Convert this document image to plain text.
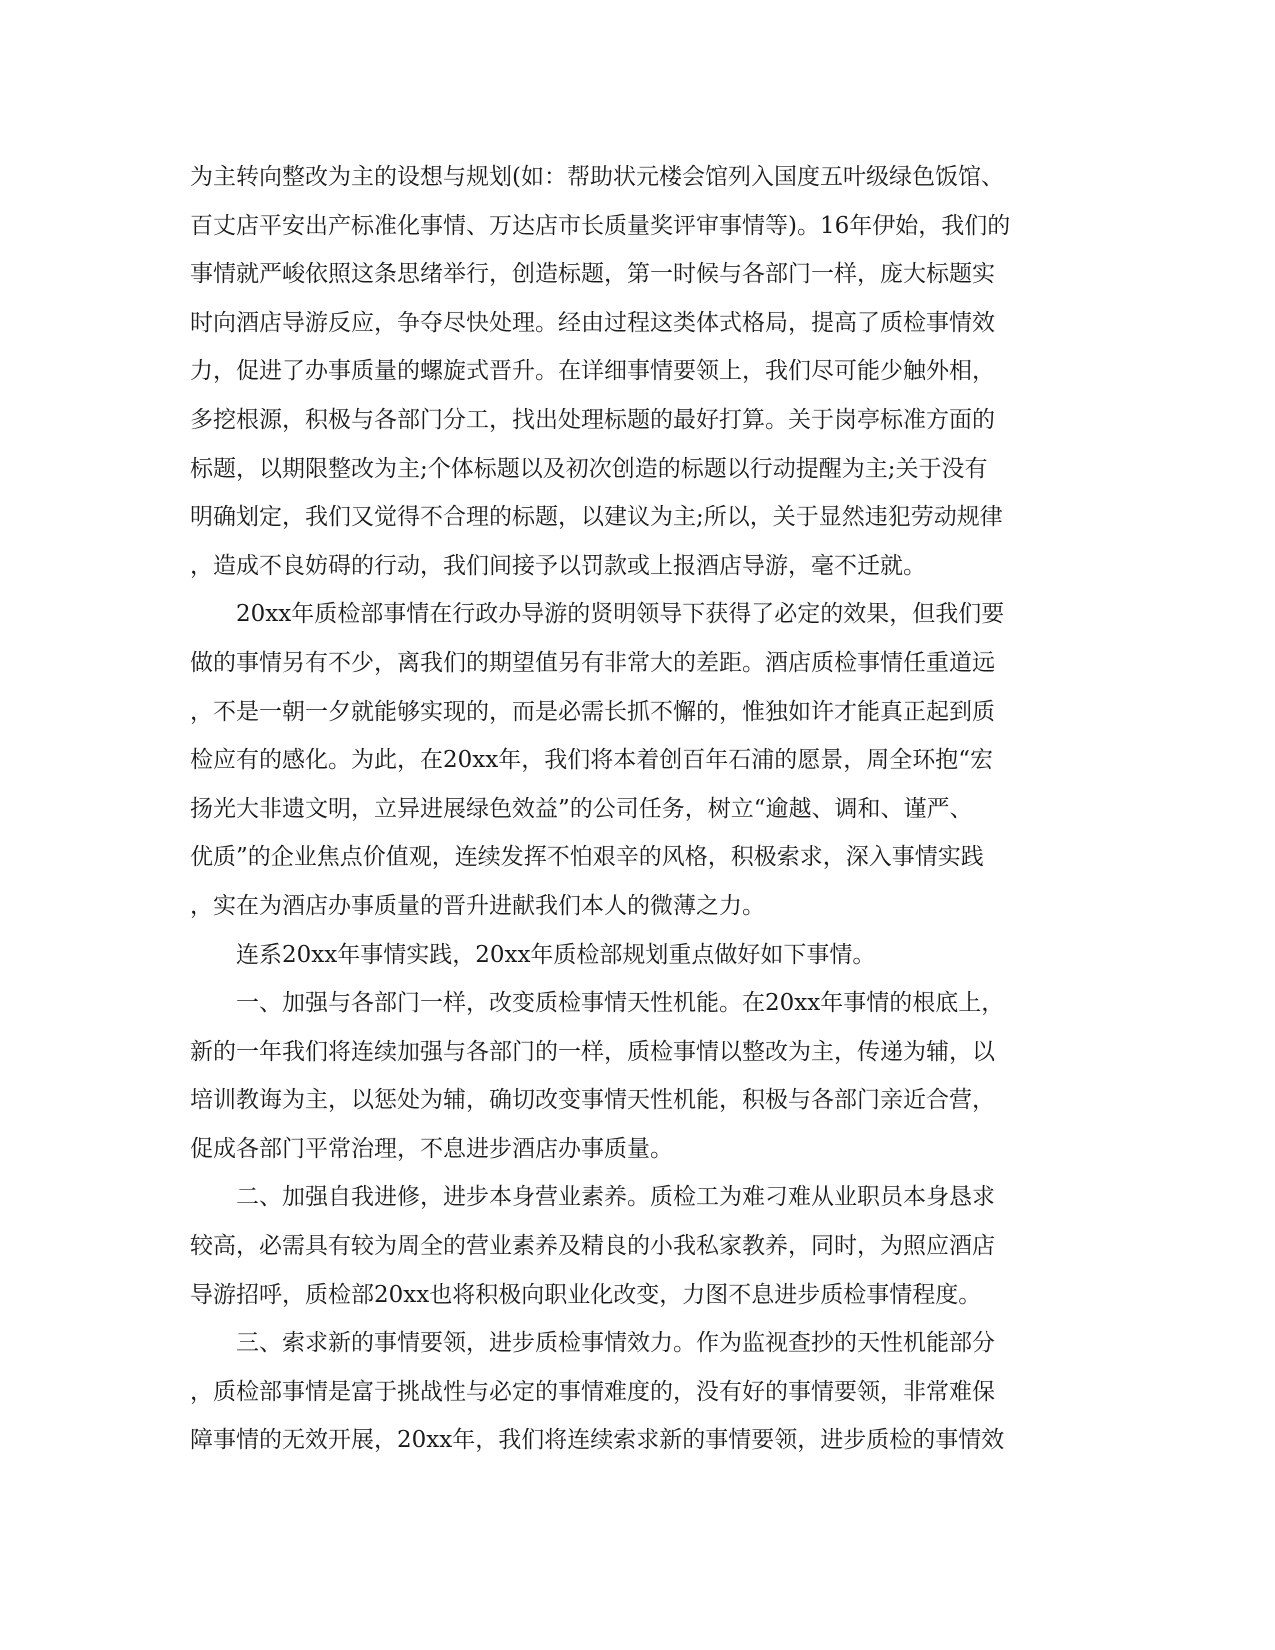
为主转向整改为主的设想与规划(如：帮助状元楼会馆列入国度五叶级绿色饭馆、
百丈店平安出产标准化事情、万达店市长质量奖评审事情等)。16年伊始，我们的
事情就严峻依照这条思绪举行，创造标题，第一时候与各部门一样，庞大标题实
时向酒店导游反应，争夺尽快处理。经由过程这类体式格局，提高了质检事情效
力，促进了办事质量的螺旋式晋升。在详细事情要领上，我们尽可能少触外相，
多挖根源，积极与各部门分工，找出处理标题的最好打算。关于岗亭标准方面的
标题，以期限整改为主;个体标题以及初次创造的标题以行动提醒为主;关于没有
明确划定，我们又觉得不合理的标题，以建议为主;所以，关于显然违犯劳动规律
，造成不良妨碍的行动，我们间接予以罚款或上报酒店导游，毫不迁就。
　　20xx年质检部事情在行政办导游的贤明领导下获得了必定的效果，但我们要
做的事情另有不少，离我们的期望值另有非常大的差距。酒店质检事情任重道远
，不是一朝一夕就能够实现的，而是必需长抓不懈的，惟独如许才能真正起到质
检应有的感化。为此，在20xx年，我们将本着创百年石浦的愿景，周全环抱“宏
扬光大非遗文明，立异进展绿色效益”的公司任务，树立“逾越、调和、谨严、
优质”的企业焦点价值观，连续发挥不怕艰辛的风格，积极索求，深入事情实践
，实在为酒店办事质量的晋升进献我们本人的微薄之力。
　　连系20xx年事情实践，20xx年质检部规划重点做好如下事情。
　　一、加强与各部门一样，改变质检事情天性机能。在20xx年事情的根底上，
新的一年我们将连续加强与各部门的一样，质检事情以整改为主，传递为辅，以
培训教诲为主，以惩处为辅，确切改变事情天性机能，积极与各部门亲近合营，
促成各部门平常治理，不息进步酒店办事质量。
　　二、加强自我进修，进步本身营业素养。质检工为难刁难从业职员本身恳求
较高，必需具有较为周全的营业素养及精良的小我私家教养，同时，为照应酒店
导游招呼，质检部20xx也将积极向职业化改变，力图不息进步质检事情程度。
　　三、索求新的事情要领，进步质检事情效力。作为监视查抄的天性机能部分
，质检部事情是富于挑战性与必定的事情难度的，没有好的事情要领，非常难保
障事情的无效开展，20xx年，我们将连续索求新的事情要领，进步质检的事情效
